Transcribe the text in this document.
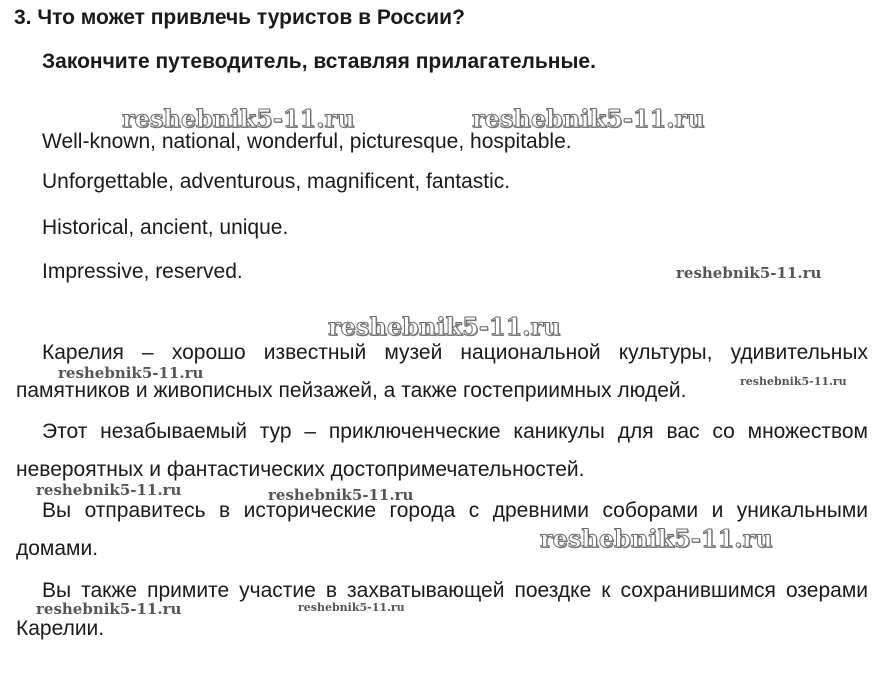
3. Что может привлечь туристов в России?
Закончите путеводитель, вставляя прилагательные.
reshebnik5-11.ru	reshebnik5-11.ru

Well-known, national, wonderful, picturesque, hospitable.

Unforgettable, adventurous, magnificent, fantastic.

Historical, ancient, unique.

Impressive, reserved.	reshebnik5-11.ru
reshebnik5-11.ru

Карелия – хорошо известный музей национальной культуры, удивительных памятников и живописных пейзажей, а также гостеприимных людей.

Этот незабываемый тур – приключенческие каникулы для вас со множеством невероятных и фантастических достопримечательностей.

Вы отправитесь в исторические города с древними соборами и уникальными домами.

Вы также примите участие в захватывающей поездке к сохранившимся озерами Карелии.

reshebnik5-11.ru	reshebnik5-11.ru
reshebnik5-11.ru	reshebnik5-11.ru
reshebnik5-11.ru
reshebnik5-11.ru	reshebnik5-11.ru
